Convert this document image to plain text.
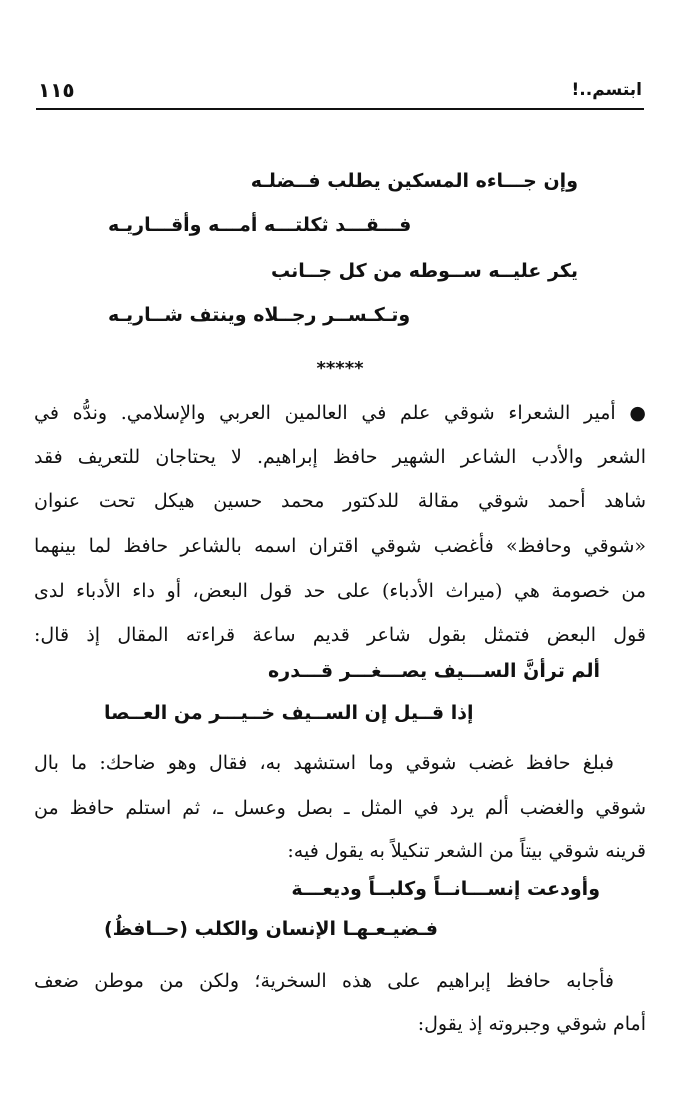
ابتسم..!
١١٥
وإن جـــاءه المسكين يطلب فــضلـه
فـــقـــد ثكلتـــه أمـــه وأقـــاريـه
يكر عليــه ســوطه من كل جــانب
وتـكـســر رجــلاه وينتف شــاريـه
*****
● أمير الشعراء شوقي علم في العالمين العربي والإسلامي. وندُّه في
الشعر والأدب الشاعر الشهير حافظ إبراهيم. لا يحتاجان للتعريف فقد
شاهد أحمد شوقي مقالة للدكتور محمد حسين هيكل تحت عنوان
«شوقي وحافظ» فأغضب شوقي اقتران اسمه بالشاعر حافظ لما بينهما
من خصومة هي (ميراث الأدباء) على حد قول البعض، أو داء الأدباء لدى
قول البعض فتمثل بقول شاعر قديم ساعة قراءته المقال إذ قال:
ألم ترأنَّ الســـيف يصـــغـــر قـــدره
إذا قــيل إن الســيف خــيـــر من العــصا
فبلغ حافظ غضب شوقي وما استشهد به، فقال وهو ضاحك: ما بال
شوقي والغضب ألم يرد في المثل ـ بصل وعسل ـ، ثم استلم حافظ من
قرينه شوقي بيتاً من الشعر تنكيلاً به يقول فيه:
وأودعت إنســـانــاً وكلبــاً وديعـــة
فـضيـعـهـا الإنسان والكلب (حــافظُ)
فأجابه حافظ إبراهيم على هذه السخرية؛ ولكن من موطن ضعف
أمام شوقي وجبروته إذ يقول:
